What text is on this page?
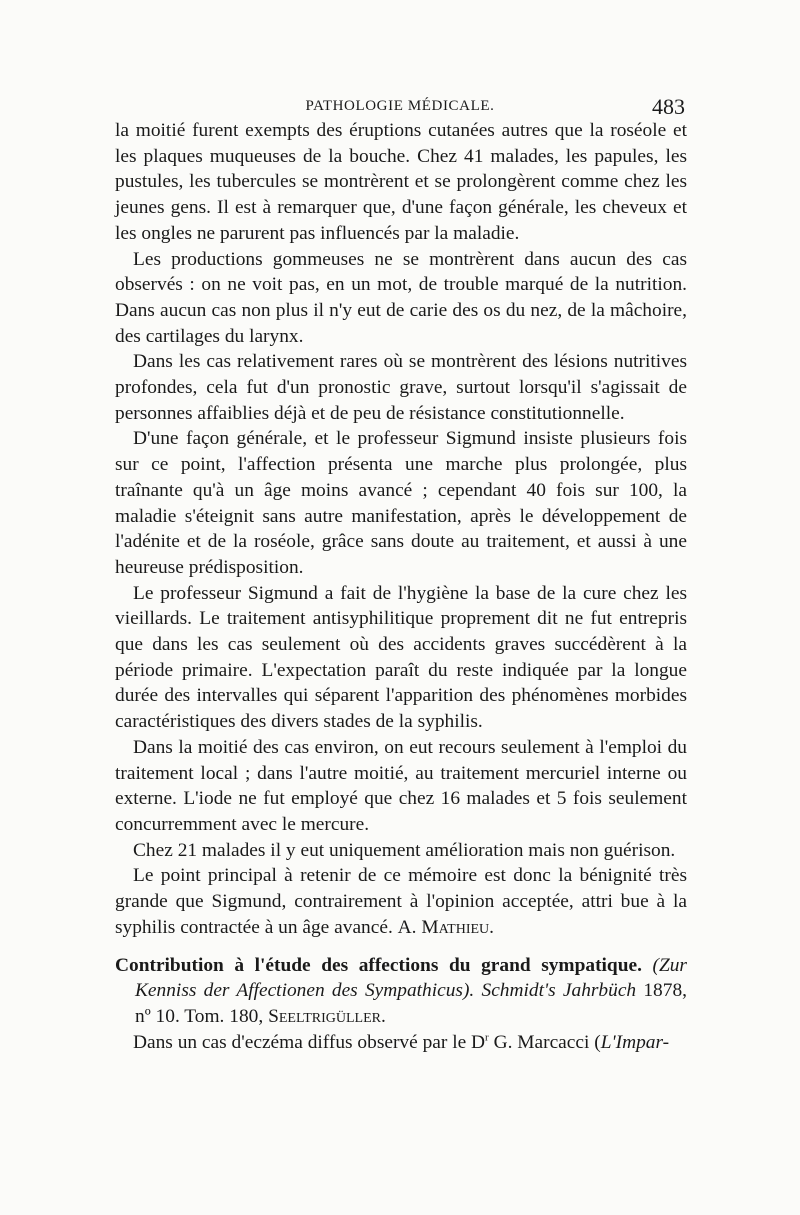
PATHOLOGIE MÉDICALE.	483

la moitié furent exempts des éruptions cutanées autres que la roséole et les plaques muqueuses de la bouche. Chez 41 malades, les papules, les pustules, les tubercules se montrèrent et se prolongèrent comme chez les jeunes gens. Il est à remarquer que, d'une façon générale, les cheveux et les ongles ne parurent pas influencés par la maladie.

Les productions gommeuses ne se montrèrent dans aucun des cas observés : on ne voit pas, en un mot, de trouble marqué de la nutrition. Dans aucun cas non plus il n'y eut de carie des os du nez, de la mâchoire, des cartilages du larynx.

Dans les cas relativement rares où se montrèrent des lésions nutritives profondes, cela fut d'un pronostic grave, surtout lorsqu'il s'agissait de personnes affaiblies déjà et de peu de résistance constitutionnelle.

D'une façon générale, et le professeur Sigmund insiste plusieurs fois sur ce point, l'affection présenta une marche plus prolongée, plus traînante qu'à un âge moins avancé ; cependant 40 fois sur 100, la maladie s'éteignit sans autre manifestation, après le développement de l'adénite et de la roséole, grâce sans doute au traitement, et aussi à une heureuse prédisposition.

Le professeur Sigmund a fait de l'hygiène la base de la cure chez les vieillards. Le traitement antisyphilitique proprement dit ne fut entrepris que dans les cas seulement où des accidents graves succédèrent à la période primaire. L'expectation paraît du reste indiquée par la longue durée des intervalles qui séparent l'apparition des phénomènes morbides caractéristiques des divers stades de la syphilis.

Dans la moitié des cas environ, on eut recours seulement à l'emploi du traitement local ; dans l'autre moitié, au traitement mercuriel interne ou externe. L'iode ne fut employé que chez 16 malades et 5 fois seulement concurremment avec le mercure.

Chez 21 malades il y eut uniquement amélioration mais non guérison.

Le point principal à retenir de ce mémoire est donc la bénignité très grande que Sigmund, contrairement à l'opinion acceptée, attri bue à la syphilis contractée à un âge avancé. A. Mathieu.

Contribution à l'étude des affections du grand sympatique. (Zur Kenniss der Affectionen des Sympathicus). Schmidt's Jahrbüch 1878, nº 10. Tom. 180, Seeltrigüller.

Dans un cas d'eczéma diffus observé par le $D^r$ G. Marcacci (L'Impar-
